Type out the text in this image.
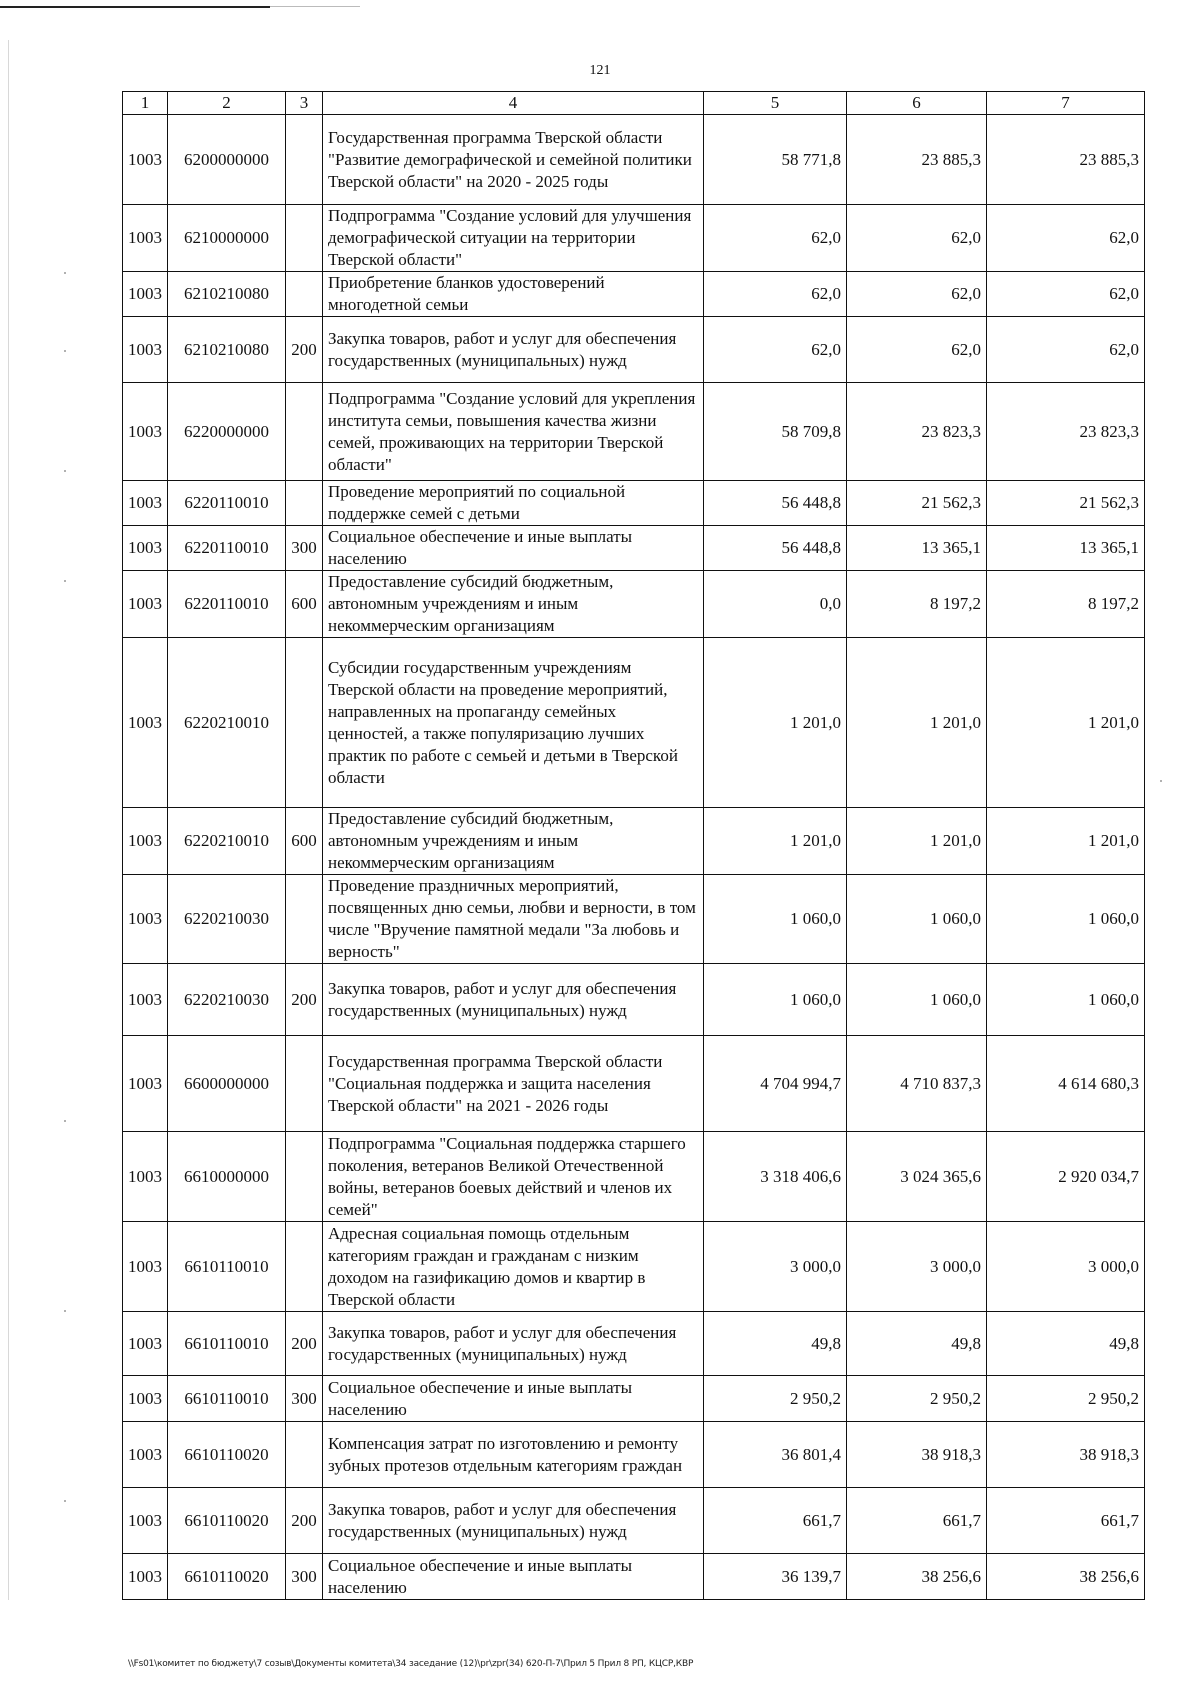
121
1	2	3	4	5	6	7
1003	6200000000		Государственная программа Тверской области "Развитие демографической и семейной политики Тверской области" на 2020 - 2025 годы	58 771,8	23 885,3	23 885,3
1003	6210000000		Подпрограмма "Создание условий для улучшения демографической ситуации на территории Тверской области"	62,0	62,0	62,0
1003	6210210080		Приобретение бланков удостоверений многодетной семьи	62,0	62,0	62,0
1003	6210210080	200	Закупка товаров, работ и услуг для обеспечения государственных (муниципальных) нужд	62,0	62,0	62,0
1003	6220000000		Подпрограмма "Создание условий для укрепления института семьи, повышения качества жизни семей, проживающих на территории Тверской области"	58 709,8	23 823,3	23 823,3
1003	6220110010		Проведение мероприятий по социальной поддержке семей с детьми	56 448,8	21 562,3	21 562,3
1003	6220110010	300	Социальное обеспечение и иные выплаты населению	56 448,8	13 365,1	13 365,1
1003	6220110010	600	Предоставление субсидий бюджетным, автономным учреждениям и иным некоммерческим организациям	0,0	8 197,2	8 197,2
1003	6220210010		Субсидии государственным учреждениям Тверской области на проведение мероприятий, направленных на пропаганду семейных ценностей, а также популяризацию лучших практик по работе с семьей и детьми в Тверской области	1 201,0	1 201,0	1 201,0
1003	6220210010	600	Предоставление субсидий бюджетным, автономным учреждениям и иным некоммерческим организациям	1 201,0	1 201,0	1 201,0
1003	6220210030		Проведение праздничных мероприятий, посвященных дню семьи, любви и верности, в том числе "Вручение памятной медали "За любовь и верность"	1 060,0	1 060,0	1 060,0
1003	6220210030	200	Закупка товаров, работ и услуг для обеспечения государственных (муниципальных) нужд	1 060,0	1 060,0	1 060,0
1003	6600000000		Государственная программа Тверской области "Социальная поддержка и защита населения Тверской области" на 2021 - 2026 годы	4 704 994,7	4 710 837,3	4 614 680,3
1003	6610000000		Подпрограмма "Социальная поддержка старшего поколения, ветеранов Великой Отечественной войны, ветеранов боевых действий и членов их семей"	3 318 406,6	3 024 365,6	2 920 034,7
1003	6610110010		Адресная социальная помощь отдельным категориям граждан и гражданам с низким доходом на газификацию домов и квартир в Тверской области	3 000,0	3 000,0	3 000,0
1003	6610110010	200	Закупка товаров, работ и услуг для обеспечения государственных (муниципальных) нужд	49,8	49,8	49,8
1003	6610110010	300	Социальное обеспечение и иные выплаты населению	2 950,2	2 950,2	2 950,2
1003	6610110020		Компенсация затрат по изготовлению и ремонту зубных протезов отдельным категориям граждан	36 801,4	38 918,3	38 918,3
1003	6610110020	200	Закупка товаров, работ и услуг для обеспечения государственных (муниципальных) нужд	661,7	661,7	661,7
1003	6610110020	300	Социальное обеспечение и иные выплаты населению	36 139,7	38 256,6	38 256,6
\\Fs01\комитет по бюджету\7 созыв\Документы комитета\34 заседание (12)\pr\zpr(34) 620-П-7\Прил 5 Прил 8 РП, КЦСР,КВР
